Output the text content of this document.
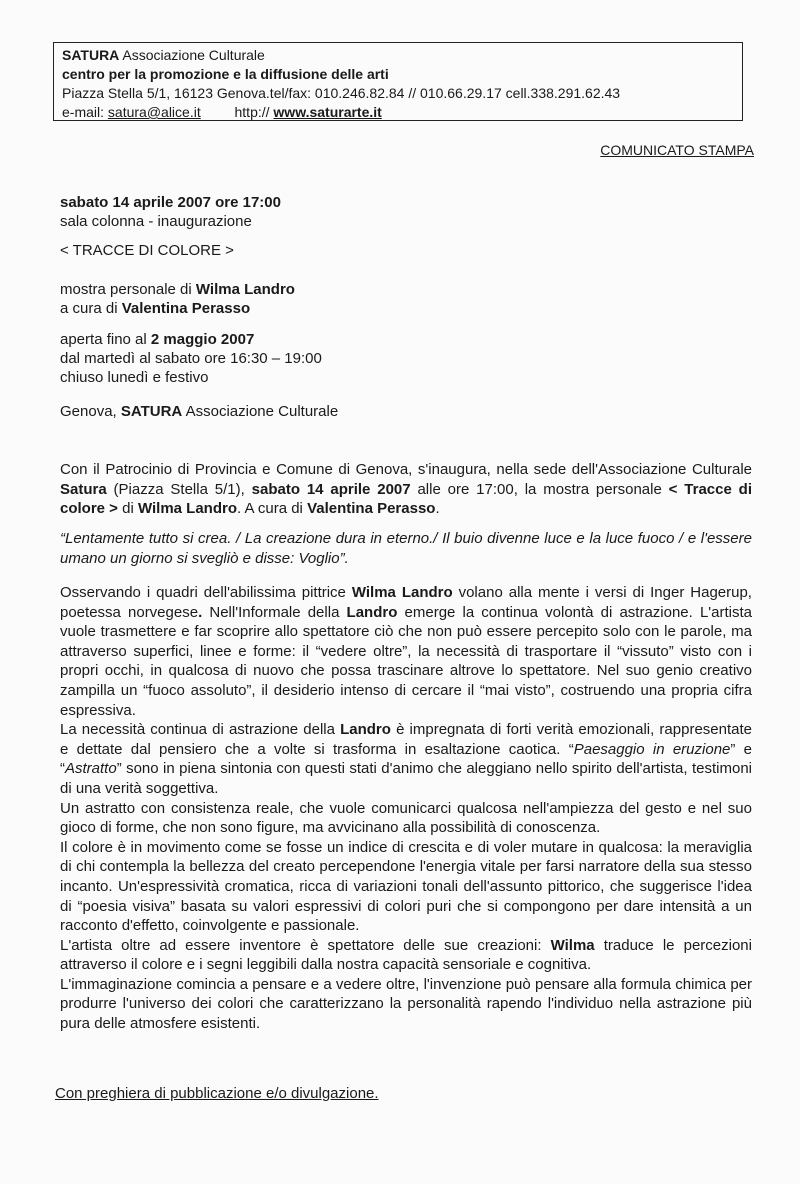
SATURA Associazione Culturale
centro per la promozione e la diffusione delle arti
Piazza Stella 5/1, 16123 Genova.tel/fax: 010.246.82.84 // 010.66.29.17 cell.338.291.62.43
e-mail: satura@alice.it http:// www.saturarte.it
COMUNICATO STAMPA
sabato 14 aprile 2007 ore 17:00
sala colonna - inaugurazione
< TRACCE DI COLORE >
mostra personale di Wilma Landro
a cura di Valentina Perasso
aperta fino al 2 maggio 2007
dal martedì al sabato ore 16:30 – 19:00
chiuso lunedì e festivo
Genova, SATURA Associazione Culturale

Con il Patrocinio di Provincia e Comune di Genova, s'inaugura, nella sede dell'Associazione Culturale Satura (Piazza Stella 5/1), sabato 14 aprile 2007 alle ore 17:00, la mostra personale < Tracce di colore > di Wilma Landro. A cura di Valentina Perasso.

“Lentamente tutto si crea. / La creazione dura in eterno./ Il buio divenne luce e la luce fuoco / e l'essere umano un giorno si svegliò e disse: Voglio”.

Osservando i quadri dell'abilissima pittrice Wilma Landro volano alla mente i versi di Inger Hagerup, poetessa norvegese. Nell'Informale della Landro emerge la continua volontà di astrazione. L'artista vuole trasmettere e far scoprire allo spettatore ciò che non può essere percepito solo con le parole, ma attraverso superfici, linee e forme: il “vedere oltre”, la necessità di trasportare il “vissuto” visto con i propri occhi, in qualcosa di nuovo che possa trascinare altrove lo spettatore. Nel suo genio creativo zampilla un “fuoco assoluto”, il desiderio intenso di cercare il “mai visto”, costruendo una propria cifra espressiva.

La necessità continua di astrazione della Landro è impregnata di forti verità emozionali, rappresentate e dettate dal pensiero che a volte si trasforma in esaltazione caotica. “Paesaggio in eruzione” e “Astratto” sono in piena sintonia con questi stati d'animo che aleggiano nello spirito dell'artista, testimoni di una verità soggettiva.

Un astratto con consistenza reale, che vuole comunicarci qualcosa nell'ampiezza del gesto e nel suo gioco di forme, che non sono figure, ma avvicinano alla possibilità di conoscenza.

Il colore è in movimento come se fosse un indice di crescita e di voler mutare in qualcosa: la meraviglia di chi contempla la bellezza del creato percependone l'energia vitale per farsi narratore della sua stesso incanto. Un'espressività cromatica, ricca di variazioni tonali dell'assunto pittorico, che suggerisce l'idea di “poesia visiva” basata su valori espressivi di colori puri che si compongono per dare intensità a un racconto d'effetto, coinvolgente e passionale.

L'artista oltre ad essere inventore è spettatore delle sue creazioni: Wilma traduce le percezioni attraverso il colore e i segni leggibili dalla nostra capacità sensoriale e cognitiva.

L'immaginazione comincia a pensare e a vedere oltre, l'invenzione può pensare alla formula chimica per produrre l'universo dei colori che caratterizzano la personalità rapendo l'individuo nella astrazione più pura delle atmosfere esistenti.

Con preghiera di pubblicazione e/o divulgazione.
